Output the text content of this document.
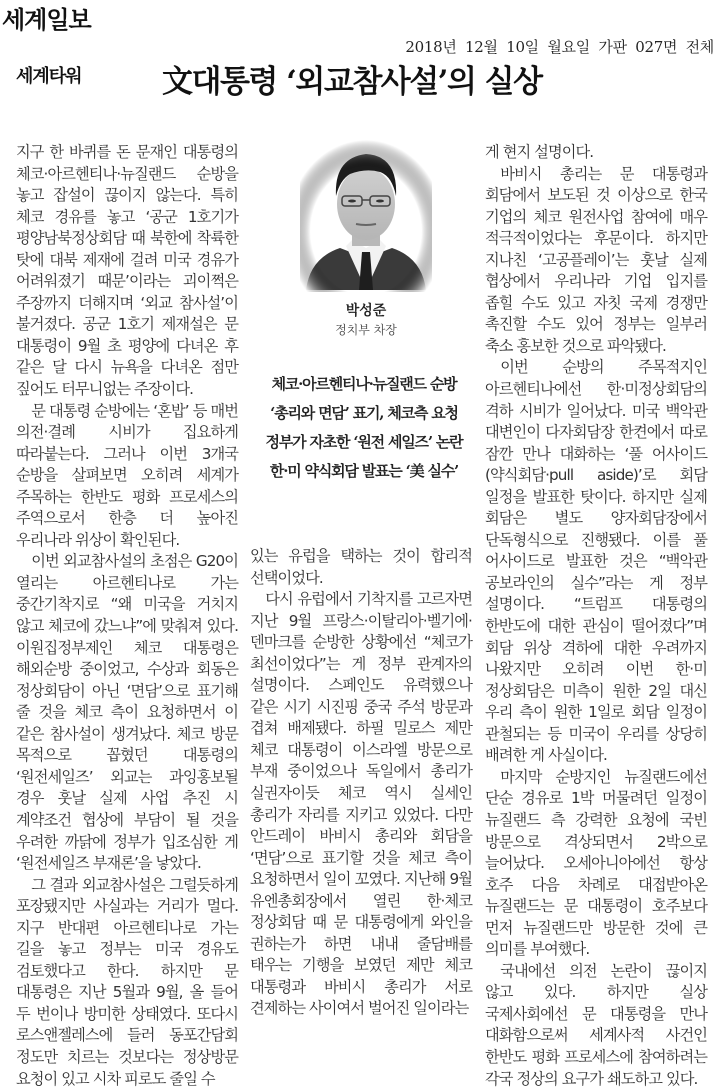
세계일보
2018년 12월 10일 월요일 가판 027면 전체
세계타워	文대통령 ‘외교참사설’의 실상

지구 한 바퀴를 돈 문재인 대통령의 체코·아르헨티나·뉴질랜드 순방을 놓고 잡설이 끊이지 않는다. 특히 체코 경유를 놓고 ‘공군 1호기가 평양남북정상회담 때 북한에 착륙한 탓에 대북 제재에 걸려 미국 경유가 어려워졌기 때문’이라는 괴이쩍은 주장까지 더해지며 ‘외교 참사설’이 불거졌다. 공군 1호기 제재설은 문 대통령이 9월 초 평양에 다녀온 후 같은 달 다시 뉴욕을 다녀온 점만 짚어도 터무니없는 주장이다.

문 대통령 순방에는 ‘혼밥’ 등 매번 의전·결례 시비가 집요하게 따라붙는다. 그러나 이번 3개국 순방을 살펴보면 오히려 세계가 주목하는 한반도 평화 프로세스의 주역으로서 한층 더 높아진 우리나라 위상이 확인된다.

이번 외교참사설의 초점은 G20이 열리는 아르헨티나로 가는 중간기착지로 “왜 미국을 거치지 않고 체코에 갔느냐”에 맞춰져 있다. 이원집정부제인 체코 대통령은 해외순방 중이었고, 수상과 회동은 정상회담이 아닌 ‘면담’으로 표기해 줄 것을 체코 측이 요청하면서 이 같은 참사설이 생겨났다. 체코 방문 목적으로 꼽혔던 대통령의 ‘원전세일즈’ 외교는 과잉홍보될 경우 훗날 실제 사업 추진 시 계약조건 협상에 부담이 될 것을 우려한 까닭에 정부가 입조심한 게 ‘원전세일즈 부재론’을 낳았다.

그 결과 외교참사설은 그럴듯하게 포장됐지만 사실과는 거리가 멀다. 지구 반대편 아르헨티나로 가는 길을 놓고 정부는 미국 경유도 검토했다고 한다. 하지만 문 대통령은 지난 5월과 9월, 올 들어 두 번이나 방미한 상태였다. 또다시 로스앤젤레스에 들러 동포간담회 정도만 치르는 것보다는 정상방문 요청이 있고 시차 피로도 줄일 수

박성준
정치부 차장
체코·아르헨티나·뉴질랜드 순방
‘총리와 면담’ 표기, 체코측 요청
정부가 자초한 ‘원전 세일즈’ 논란
한·미 약식회담 발표는 ‘美 실수’

있는 유럽을 택하는 것이 합리적 선택이었다.

다시 유럽에서 기착지를 고르자면 지난 9월 프랑스·이탈리아·벨기에·덴마크를 순방한 상황에선 “체코가 최선이었다”는 게 정부 관계자의 설명이다. 스페인도 유력했으나 같은 시기 시진핑 중국 주석 방문과 겹쳐 배제됐다. 하필 밀로스 제만 체코 대통령이 이스라엘 방문으로 부재 중이었으나 독일에서 총리가 실권자이듯 체코 역시 실세인 총리가 자리를 지키고 있었다. 다만 안드레이 바비시 총리와 회담을 ‘면담’으로 표기할 것을 체코 측이 요청하면서 일이 꼬였다. 지난해 9월 유엔총회장에서 열린 한·체코 정상회담 때 문 대통령에게 와인을 권하는가 하면 내내 줄담배를 태우는 기행을 보였던 제만 체코 대통령과 바비시 총리가 서로 견제하는 사이여서 벌어진 일이라는

게 현지 설명이다.

바비시 총리는 문 대통령과 회담에서 보도된 것 이상으로 한국 기업의 체코 원전사업 참여에 매우 적극적이었다는 후문이다. 하지만 지나친 ‘고공플레이’는 훗날 실제 협상에서 우리나라 기업 입지를 좁힐 수도 있고 자칫 국제 경쟁만 촉진할 수도 있어 정부는 일부러 축소 홍보한 것으로 파악됐다.

이번 순방의 주목적지인 아르헨티나에선 한·미정상회담의 격하 시비가 일어났다. 미국 백악관 대변인이 다자회담장 한켠에서 따로 잠깐 만나 대화하는 ‘풀 어사이드(약식회담·pull aside)’로 회담 일정을 발표한 탓이다. 하지만 실제 회담은 별도 양자회담장에서 단독형식으로 진행됐다. 이를 풀 어사이드로 발표한 것은 “백악관 공보라인의 실수”라는 게 정부 설명이다. “트럼프 대통령의 한반도에 대한 관심이 떨어졌다”며 회담 위상 격하에 대한 우려까지 나왔지만 오히려 이번 한·미 정상회담은 미측이 원한 2일 대신 우리 측이 원한 1일로 회담 일정이 관철되는 등 미국이 우리를 상당히 배려한 게 사실이다.

마지막 순방지인 뉴질랜드에선 단순 경유로 1박 머물려던 일정이 뉴질랜드 측 강력한 요청에 국빈 방문으로 격상되면서 2박으로 늘어났다. 오세아니아에선 항상 호주 다음 차례로 대접받아온 뉴질랜드는 문 대통령이 호주보다 먼저 뉴질랜드만 방문한 것에 큰 의미를 부여했다.

국내에선 의전 논란이 끊이지 않고 있다. 하지만 실상 국제사회에선 문 대통령을 만나 대화함으로써 세계사적 사건인 한반도 평화 프로세스에 참여하려는 각국 정상의 요구가 쇄도하고 있다.
